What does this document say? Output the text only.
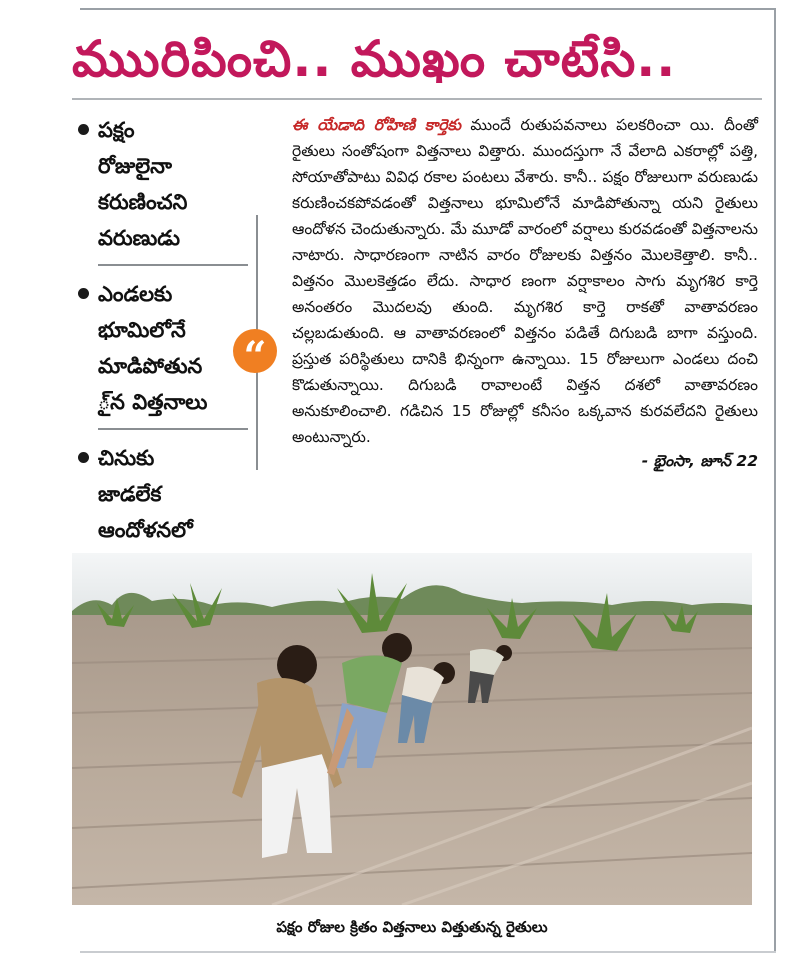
ముురిపించి.. ముఖం చాటేసి..
పక్షం
రోజులైనా
కరుణించని
వరుణుడు
ఎండలకు
భూమిలోనే
మాడిపోతున
్ౖన విత్తనాలు
చినుకు
జాడలేక
ఆందోళనలో

“
ఈ యేడాది రోహిణి కార్తెకు ముందే రుతుపవనాలు పలకరించా యి. దీంతో రైతులు సంతోషంగా విత్తనాలు విత్తారు. ముందస్తుగా నే వేలాది ఎకరాల్లో పత్తి, సోయాతోపాటు వివిధ రకాల పంటలు వేశారు. కానీ.. పక్షం రోజులుగా వరుణుడు కరుణించకపోవడంతో విత్తనాలు భూమిలోనే మాడిపోతున్నా యని రైతులు ఆందోళన చెందుతున్నారు. మే మూడో వారంలో వర్షాలు కురవడంతో విత్తనాలను నాటారు. సాధారణంగా నాటిన వారం రోజులకు విత్తనం మొలకెత్తాలి. కానీ.. విత్తనం మొలకెత్తడం లేదు. సాధార ణంగా వర్షాకాలం సాగు మృగశిర కార్తె అనంతరం మొదలవు తుంది. మృగశిర కార్తె రాకతో వాతావరణం చల్లబడుతుంది. ఆ వాతావరణంలో విత్తనం పడితే దిగుబడి బాగా వస్తుంది. ప్రస్తుత పరిస్థితులు దానికి భిన్నంగా ఉన్నాయి. 15 రోజులుగా ఎండలు దంచి కొడుతున్నాయి. దిగుబడి రావాలంటే విత్తన దశలో వాతావరణం అనుకూలించాలి. గడిచిన 15 రోజుల్లో కనీసం ఒక్కవాన కురవలేదని రైతులు అంటున్నారు.
- భైంసా, జూన్ 22
పక్షం రోజుల క్రితం విత్తనాలు విత్తుతున్న రైతులు
